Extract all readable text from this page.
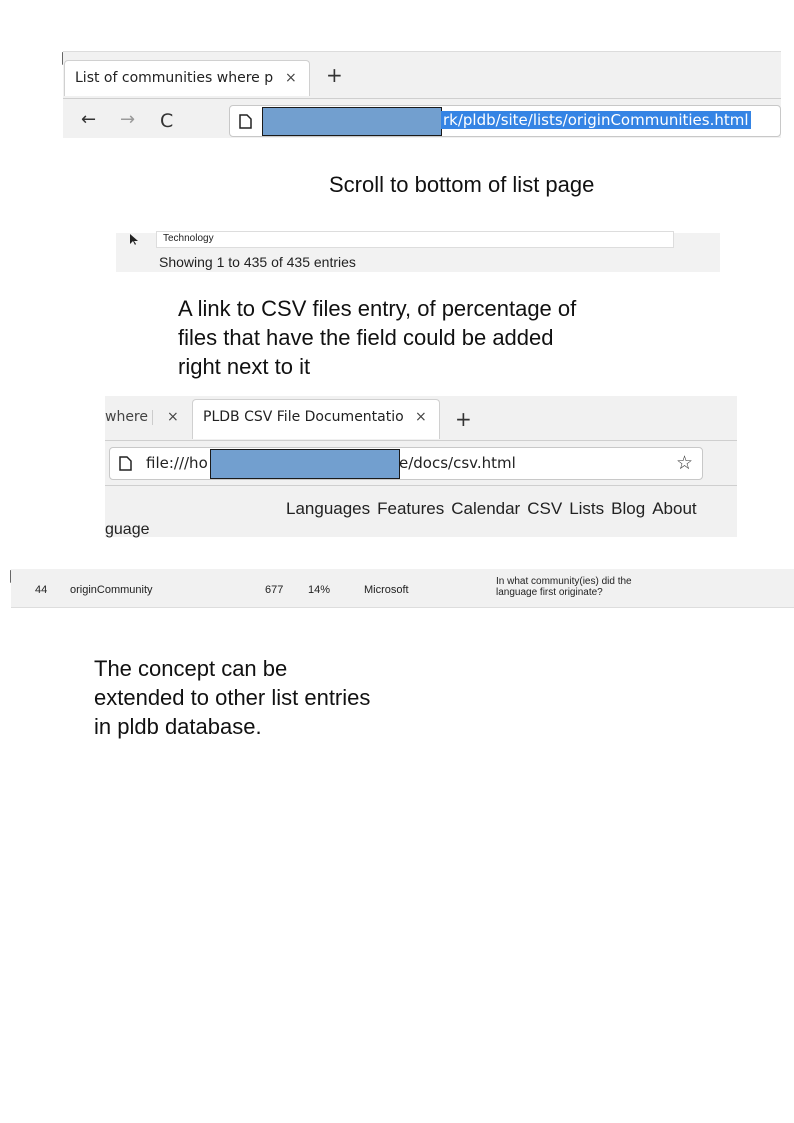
List of communities where p × +
← → C	rk/pldb/site/lists/originCommunities.html
Scroll to bottom of list page
Technology
Showing 1 to 435 of 435 entries
A link to CSV files entry, of percentage of
files that have the field could be added
right next to it
where × PLDB CSV File Documentatio × +
file:///ho	e/docs/csv.html	☆
Languages Features Calendar CSV Lists Blog About
guage
44 originCommunity	677 14%	Microsoft
In what community(ies) did the
language first originate?
The concept can be
extended to other list entries
in pldb database.
